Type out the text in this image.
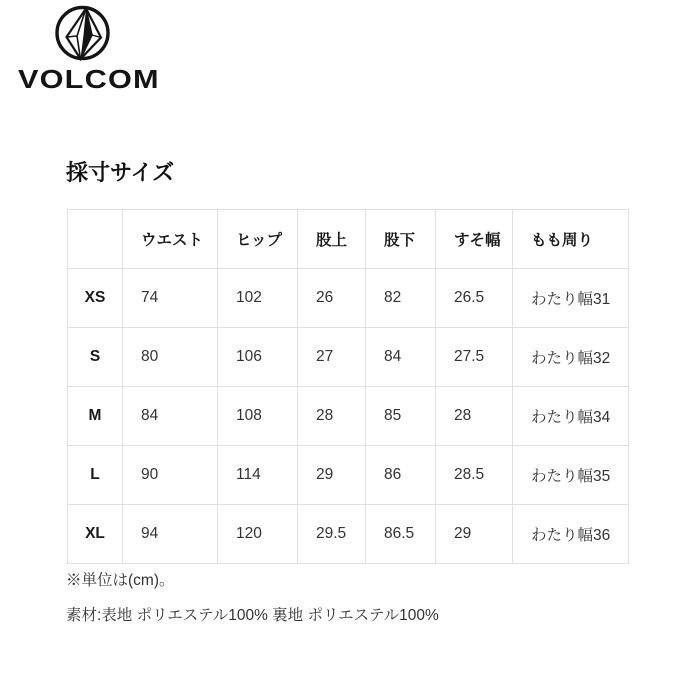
VOLCOM
採寸サイズ
	ウエスト	ヒップ	股上	股下	すそ幅	もも周り
XS	74	102	26	82	26.5	わたり幅31
S	80	106	27	84	27.5	わたり幅32
M	84	108	28	85	28	わたり幅34
L	90	114	29	86	28.5	わたり幅35
XL	94	120	29.5	86.5	29	わたり幅36
※単位は(cm)。
素材:表地 ポリエステル100% 裏地 ポリエステル100%
